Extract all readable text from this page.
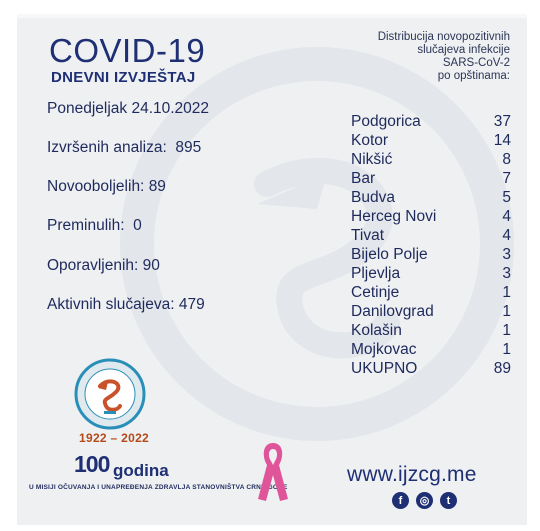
COVID-19
DNEVNI IZVJEŠTAJ
Distribucija novopozitivnih
slučajeva infekcije
SARS-CoV-2
po opštinama:
Ponedjeljak 24.10.2022
Izvršenih analiza: 895
Novooboljelih: 89
Preminulih: 0
Oporavljenih: 90
Aktivnih slučajeva: 479
Podgorica	37
Kotor	14
Nikšić	8
Bar	7
Budva	5
Herceg Novi	4
Tivat	4
Bijelo Polje	3
Pljevlja	3
Cetinje	1
Danilovgrad	1
Kolašin	1
Mojkovac	1
UKUPNO	89
1922 – 2022
100 godina
U MISIJI OČUVANJA I UNAPREĐENJA ZDRAVLJA STANOVNIŠTVA CRNE GORE
www.ijzcg.me
f	◎	t
